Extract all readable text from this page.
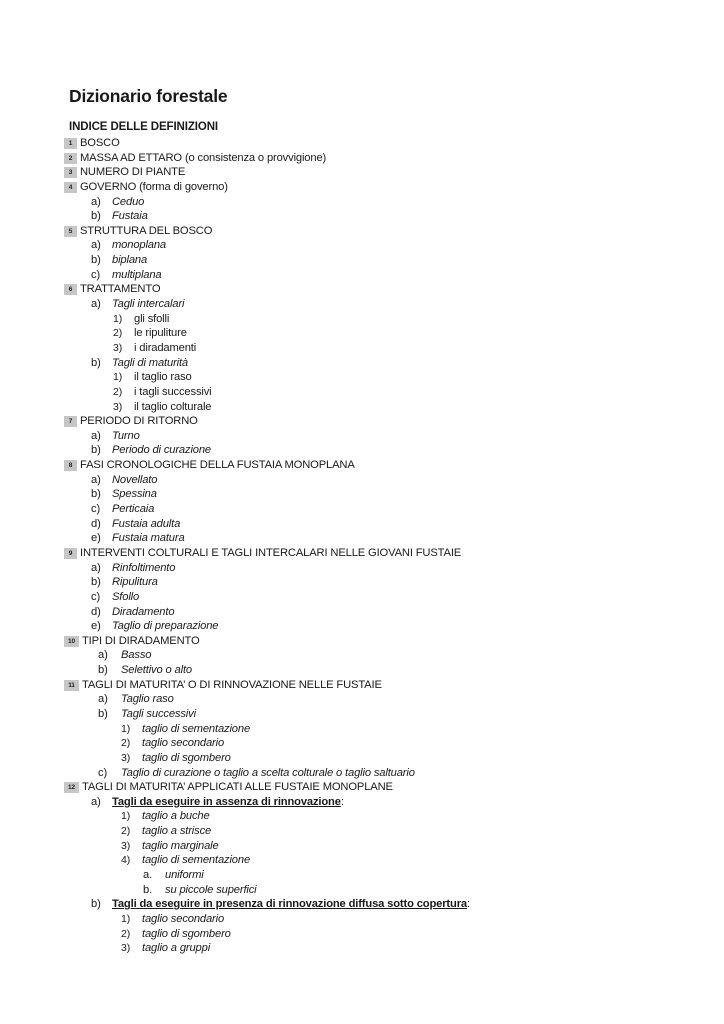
Dizionario forestale
INDICE DELLE DEFINIZIONI
1 BOSCO
2 MASSA AD ETTARO (o consistenza o provvigione)
3 NUMERO DI PIANTE
4 GOVERNO (forma di governo)
a) Ceduo
b) Fustaia
5 STRUTTURA DEL BOSCO
a) monoplana
b) biplana
c) multiplana
6 TRATTAMENTO
a) Tagli intercalari
1) gli sfolli
2) le ripuliture
3) i diradamenti
b) Tagli di maturità
1) il taglio raso
2) i tagli successivi
3) il taglio colturale
7 PERIODO DI RITORNO
a) Turno
b) Periodo di curazione
8 FASI CRONOLOGICHE DELLA FUSTAIA MONOPLANA
a) Novellato
b) Spessina
c) Perticaia
d) Fustaia adulta
e) Fustaia matura
9 INTERVENTI COLTURALI E TAGLI INTERCALARI NELLE GIOVANI FUSTAIE
a) Rinfoltimento
b) Ripulitura
c) Sfollo
d) Diradamento
e) Taglio di preparazione
10 TIPI DI DIRADAMENTO
a) Basso
b) Selettivo o alto
11 TAGLI DI MATURITA’ O DI RINNOVAZIONE NELLE FUSTAIE
a) Taglio raso
b) Tagli successivi
1) taglio di sementazione
2) taglio secondario
3) taglio di sgombero
c) Taglio di curazione o taglio a scelta colturale o taglio saltuario
12 TAGLI DI MATURITA’ APPLICATI ALLE FUSTAIE MONOPLANE
a) Tagli da eseguire in assenza di rinnovazione:
1) taglio a buche
2) taglio a strisce
3) taglio marginale
4) taglio di sementazione
a. uniformi
b. su piccole superfici
b) Tagli da eseguire in presenza di rinnovazione diffusa sotto copertura:
1) taglio secondario
2) taglio di sgombero
3) taglio a gruppi
